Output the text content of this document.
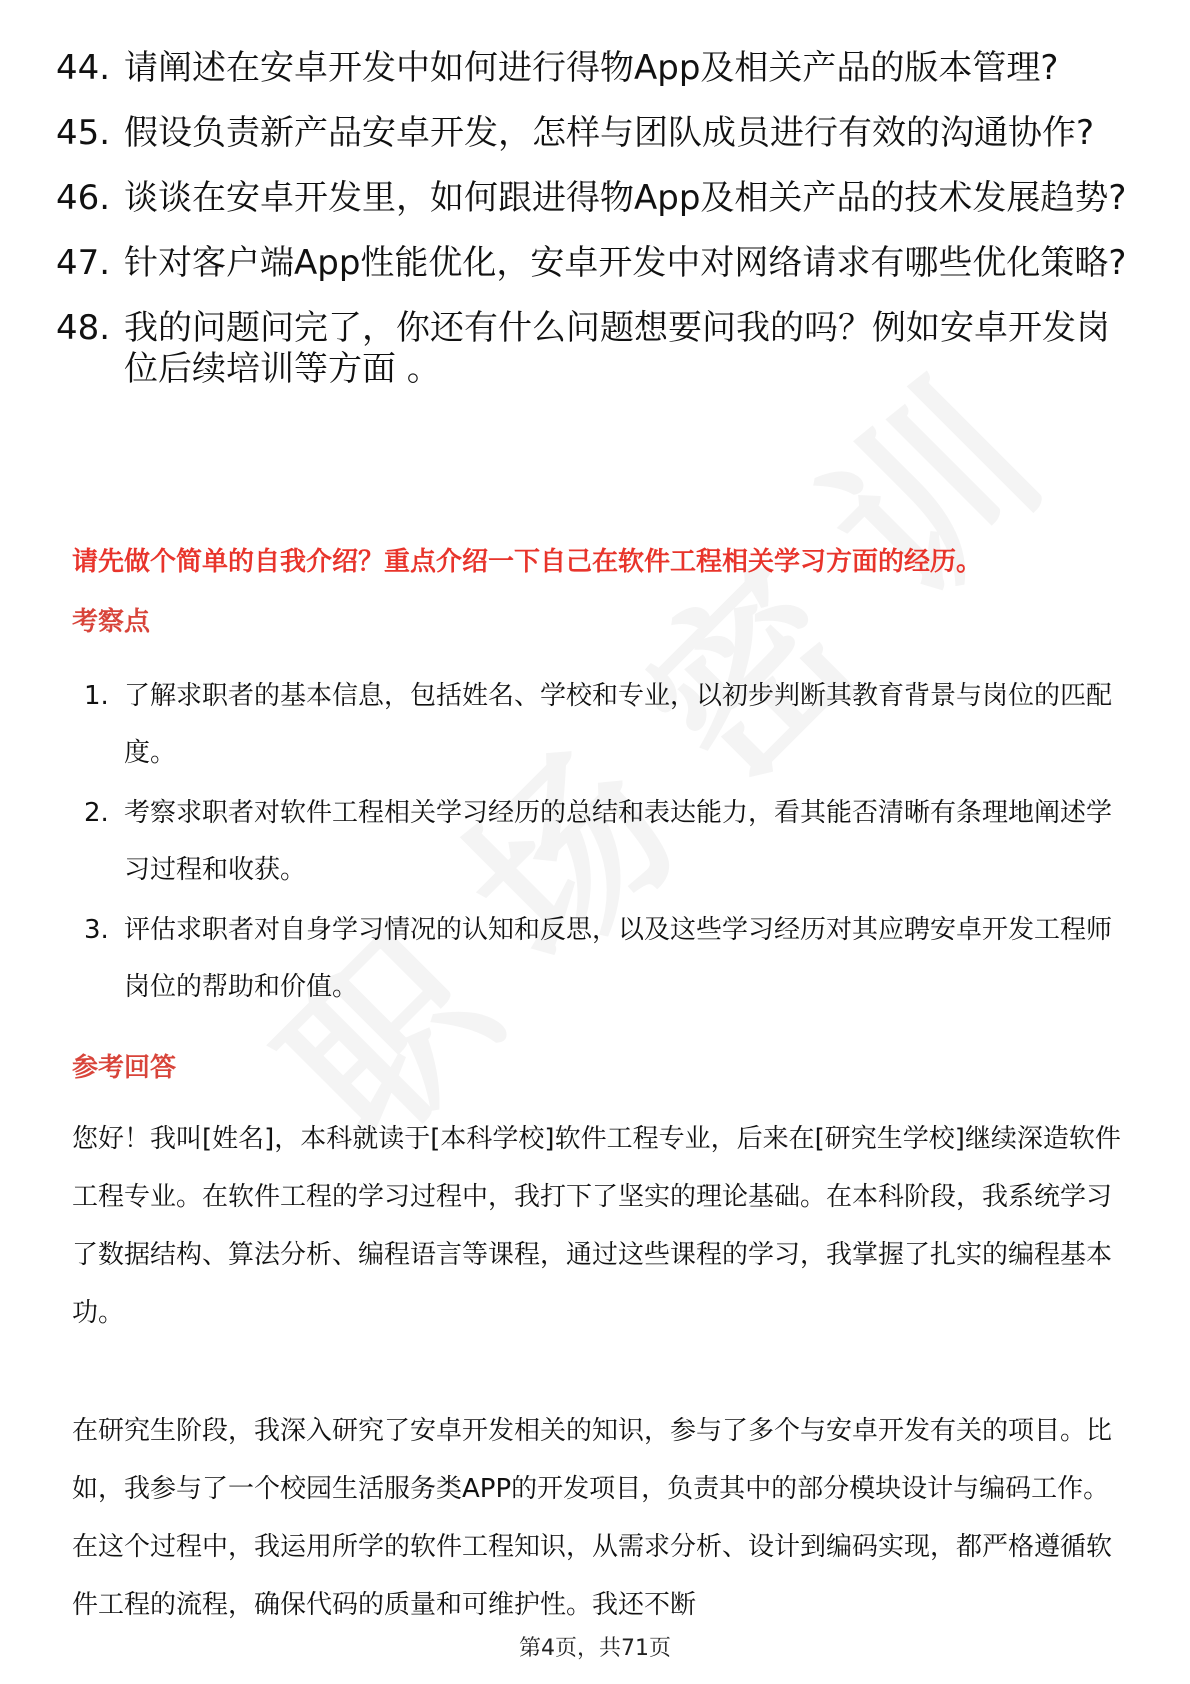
44. 请阐述在安卓开发中如何进行得物App及相关产品的版本管理?
45. 假设负责新产品安卓开发，怎样与团队成员进行有效的沟通协作?
46. 谈谈在安卓开发里，如何跟进得物App及相关产品的技术发展趋势?
47. 针对客户端App性能优化，安卓开发中对网络请求有哪些优化策略?
48. 我的问题问完了，你还有什么问题想要问我的吗？例如安卓开发岗位后续培训等方面 。
请先做个简单的自我介绍？重点介绍一下自己在软件工程相关学习方面的经历。
考察点
1. 了解求职者的基本信息，包括姓名、学校和专业，以初步判断其教育背景与岗位的匹配度。
2. 考察求职者对软件工程相关学习经历的总结和表达能力，看其能否清晰有条理地阐述学习过程和收获。
3. 评估求职者对自身学习情况的认知和反思，以及这些学习经历对其应聘安卓开发工程师岗位的帮助和价值。
参考回答

您好！我叫[姓名]，本科就读于[本科学校]软件工程专业，后来在[研究生学校]继续深造软件工程专业。在软件工程的学习过程中，我打下了坚实的理论基础。在本科阶段，我系统学习了数据结构、算法分析、编程语言等课程，通过这些课程的学习，我掌握了扎实的编程基本功。

在研究生阶段，我深入研究了安卓开发相关的知识，参与了多个与安卓开发有关的项目。比如，我参与了一个校园生活服务类APP的开发项目，负责其中的部分模块设计与编码工作。在这个过程中，我运用所学的软件工程知识，从需求分析、设计到编码实现，都严格遵循软件工程的流程，确保代码的质量和可维护性。我还不断

第4页，共71页
